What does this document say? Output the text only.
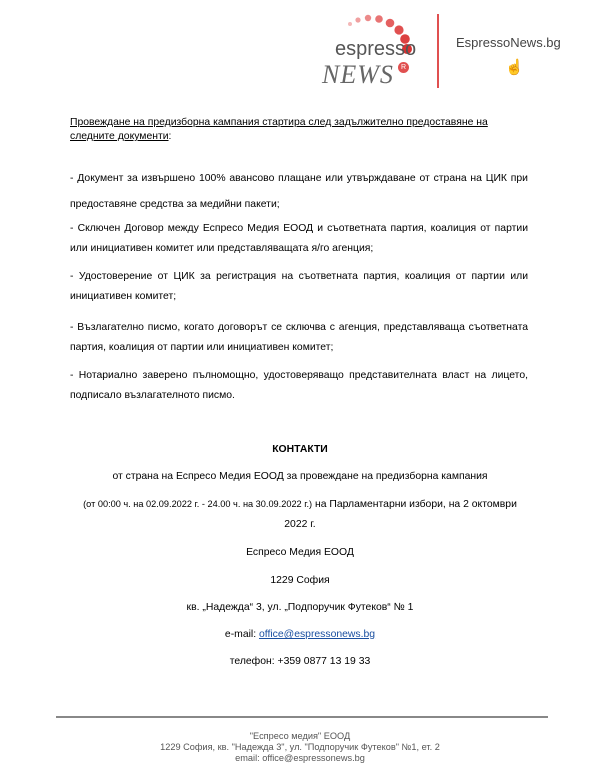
espresso
NEWS	R
EspressoNews.bg
☝
Провеждане на предизборна кампания стартира след задължително предоставяне на следните документи:
- Документ за извършено 100% авансово плащане или утвърждаване от страна на ЦИК при предоставяне средства за медийни пакети;
- Сключен Договор между Еспресо Медия ЕООД и съответната партия, коалиция от партии или инициативен комитет или представляващата я/го агенция;
- Удостоверение от ЦИК за регистрация на съответната партия, коалиция от партии или инициативен комитет;
- Възлагателно писмо, когато договорът се сключва с агенция, представляваща съответната партия, коалиция от партии или инициативен комитет;
- Нотариално заверено пълномощно, удостоверяващо представителната власт на лицето, подписало възлагателното писмо.
КОНТАКТИ
от страна на Еспресо Медия ЕООД за провеждане на предизборна кампания
(от 00:00 ч. на 02.09.2022 г. - 24.00 ч. на 30.09.2022 г.) на Парламентарни избори, на 2 октомври
2022 г.
Еспресо Медия ЕООД
1229 София
кв. „Надежда“ 3, ул. „Подпоручик Футеков“ № 1
e-mail: office@espressonews.bg
телефон: +359 0877 13 19 33
"Еспресо медия" ЕООД
1229 София, кв. "Надежда 3", ул. "Подпоручик Футеков" №1, ет. 2
email: office@espressonews.bg
